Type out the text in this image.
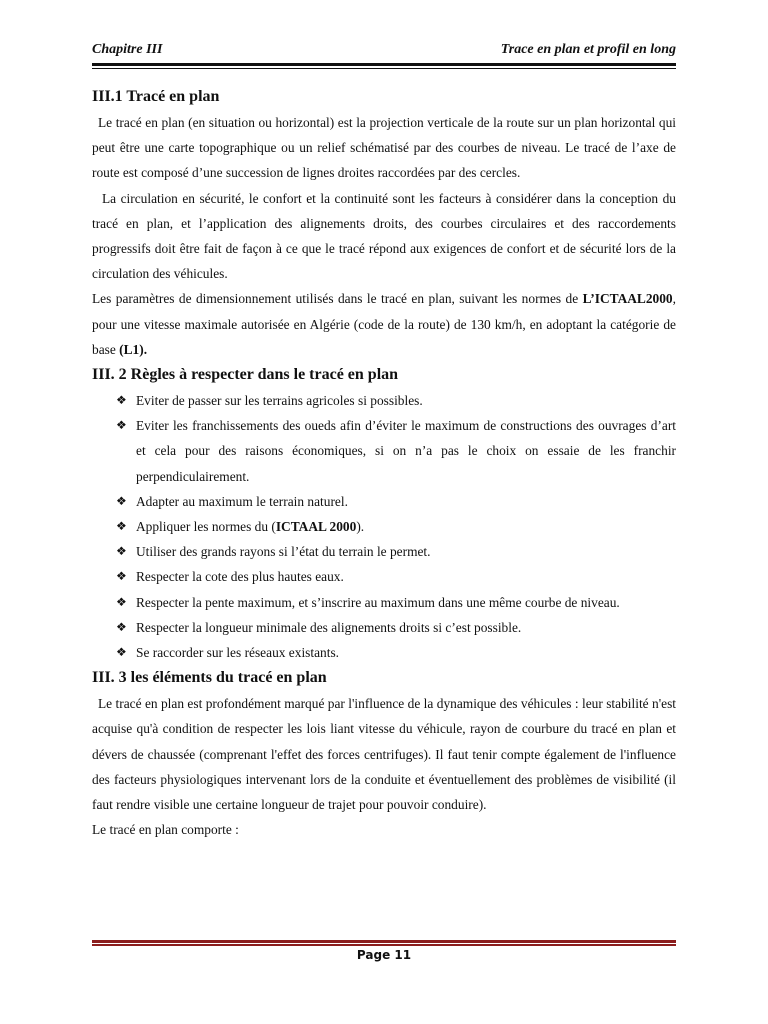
Chapitre III	Trace en plan et profil en long
III.1 Tracé en plan

Le tracé en plan (en situation ou horizontal) est la projection verticale de la route sur un plan horizontal qui peut être une carte topographique ou un relief schématisé par des courbes de niveau. Le tracé de l’axe de route est composé d’une succession de lignes droites raccordées par des cercles.

La circulation en sécurité, le confort et la continuité sont les facteurs à considérer dans la conception du tracé en plan, et l’application des alignements droits, des courbes circulaires et des raccordements progressifs doit être fait de façon à ce que le tracé répond aux exigences de confort et de sécurité lors de la circulation des véhicules.

Les paramètres de dimensionnement utilisés dans le tracé en plan, suivant les normes de L’ICTAAL2000, pour une vitesse maximale autorisée en Algérie (code de la route) de 130 km/h, en adoptant la catégorie de base (L1).

III. 2 Règles à respecter dans le tracé en plan
❖ Eviter de passer sur les terrains agricoles si possibles.
❖ Eviter les franchissements des oueds afin d’éviter le maximum de constructions des ouvrages d’art et cela pour des raisons économiques, si on n’a pas le choix on essaie de les franchir perpendiculairement.
❖ Adapter au maximum le terrain naturel.
❖ Appliquer les normes du (ICTAAL 2000).
❖ Utiliser des grands rayons si l’état du terrain le permet.
❖ Respecter la cote des plus hautes eaux.
❖ Respecter la pente maximum, et s’inscrire au maximum dans une même courbe de niveau.
❖ Respecter la longueur minimale des alignements droits si c’est possible.
❖ Se raccorder sur les réseaux existants.
III. 3 les éléments du tracé en plan

Le tracé en plan est profondément marqué par l'influence de la dynamique des véhicules : leur stabilité n'est acquise qu'à condition de respecter les lois liant vitesse du véhicule, rayon de courbure du tracé en plan et dévers de chaussée (comprenant l'effet des forces centrifuges). Il faut tenir compte également de l'influence des facteurs physiologiques intervenant lors de la conduite et éventuellement des problèmes de visibilité (il faut rendre visible une certaine longueur de trajet pour pouvoir conduire).

Le tracé en plan comporte :

Page 11
